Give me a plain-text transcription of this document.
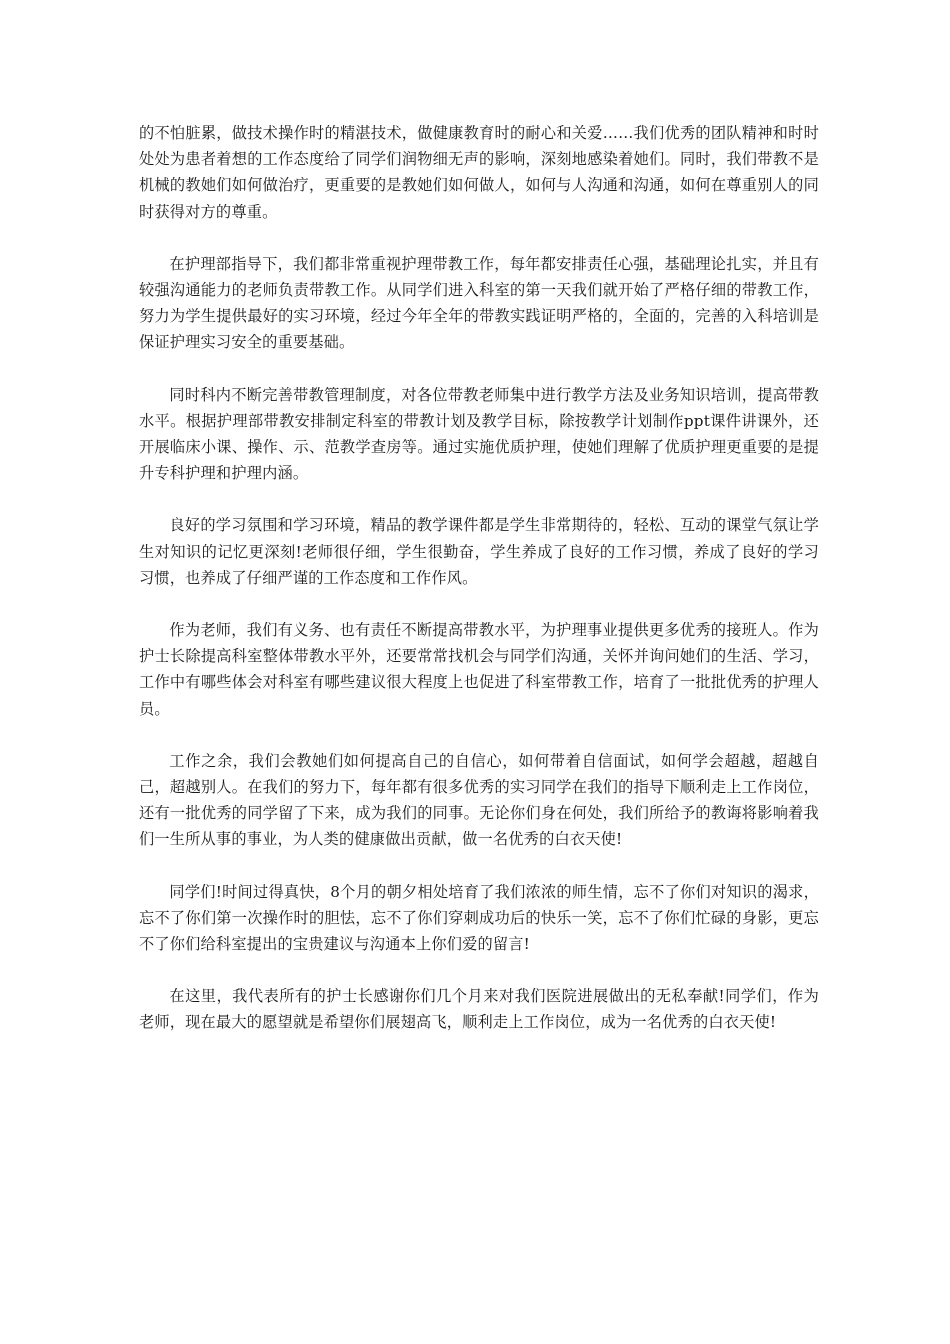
的不怕脏累，做技术操作时的精湛技术，做健康教育时的耐心和关爱……我们优秀的团队精神和时时处处为患者着想的工作态度给了同学们润物细无声的影响，深刻地感染着她们。同时，我们带教不是机械的教她们如何做治疗，更重要的是教她们如何做人，如何与人沟通和沟通，如何在尊重别人的同时获得对方的尊重。

在护理部指导下，我们都非常重视护理带教工作，每年都安排责任心强，基础理论扎实，并且有较强沟通能力的老师负责带教工作。从同学们进入科室的第一天我们就开始了严格仔细的带教工作，努力为学生提供最好的实习环境，经过今年全年的带教实践证明严格的，全面的，完善的入科培训是保证护理实习安全的重要基础。

同时科内不断完善带教管理制度，对各位带教老师集中进行教学方法及业务知识培训，提高带教水平。根据护理部带教安排制定科室的带教计划及教学目标，除按教学计划制作ppt课件讲课外，还开展临床小课、操作、示、范教学查房等。通过实施优质护理，使她们理解了优质护理更重要的是提升专科护理和护理内涵。

良好的学习氛围和学习环境，精品的教学课件都是学生非常期待的，轻松、互动的课堂气氛让学生对知识的记忆更深刻!老师很仔细，学生很勤奋，学生养成了良好的工作习惯，养成了良好的学习习惯，也养成了仔细严谨的工作态度和工作作风。

作为老师，我们有义务、也有责任不断提高带教水平，为护理事业提供更多优秀的接班人。作为护士长除提高科室整体带教水平外，还要常常找机会与同学们沟通，关怀并询问她们的生活、学习，工作中有哪些体会对科室有哪些建议很大程度上也促进了科室带教工作，培育了一批批优秀的护理人员。

工作之余，我们会教她们如何提高自己的自信心，如何带着自信面试，如何学会超越，超越自己，超越别人。在我们的努力下，每年都有很多优秀的实习同学在我们的指导下顺利走上工作岗位，还有一批优秀的同学留了下来，成为我们的同事。无论你们身在何处，我们所给予的教诲将影响着我们一生所从事的事业，为人类的健康做出贡献，做一名优秀的白衣天使!

同学们!时间过得真快，8个月的朝夕相处培育了我们浓浓的师生情，忘不了你们对知识的渴求，忘不了你们第一次操作时的胆怯，忘不了你们穿刺成功后的快乐一笑，忘不了你们忙碌的身影，更忘不了你们给科室提出的宝贵建议与沟通本上你们爱的留言!

在这里，我代表所有的护士长感谢你们几个月来对我们医院进展做出的无私奉献!同学们，作为老师，现在最大的愿望就是希望你们展翅高飞，顺利走上工作岗位，成为一名优秀的白衣天使!
